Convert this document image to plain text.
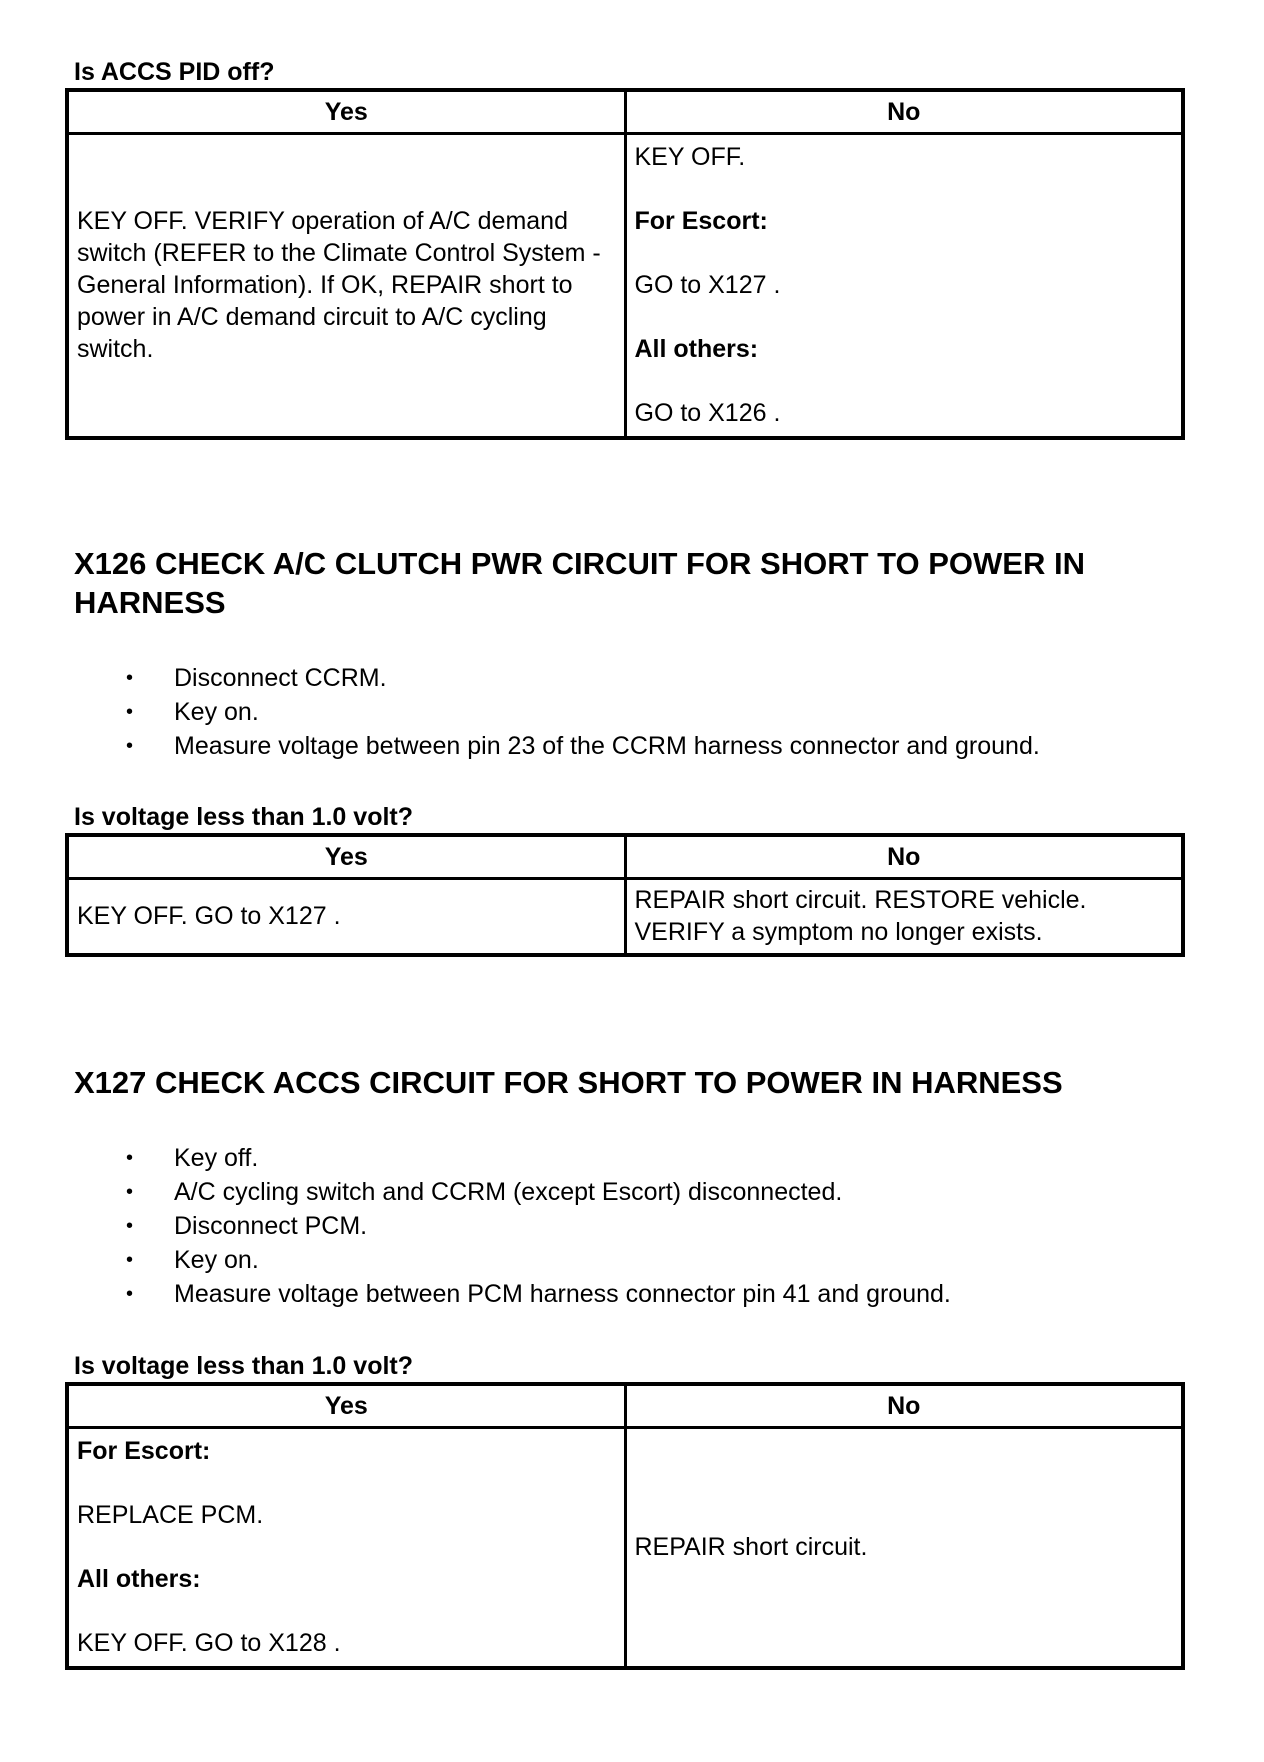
Is ACCS PID off?
Yes	No

KEY OFF. VERIFY operation of A/C demand switch (REFER to the Climate Control System - General Information). If OK, REPAIR short to power in A/C demand circuit to A/C cycling switch.	KEY OFF.

For Escort:

GO to X127 .

All others:

GO to X126 .

X126 CHECK A/C CLUTCH PWR CIRCUIT FOR SHORT TO POWER IN HARNESS
• Disconnect CCRM.
• Key on.
• Measure voltage between pin 23 of the CCRM harness connector and ground.
Is voltage less than 1.0 volt?
Yes	No
KEY OFF. GO to X127 .	REPAIR short circuit. RESTORE vehicle. VERIFY a symptom no longer exists.
X127 CHECK ACCS CIRCUIT FOR SHORT TO POWER IN HARNESS
• Key off.
• A/C cycling switch and CCRM (except Escort) disconnected.
• Disconnect PCM.
• Key on.
• Measure voltage between PCM harness connector pin 41 and ground.
Is voltage less than 1.0 volt?
Yes	No

For Escort:

REPLACE PCM.

All others:

KEY OFF. GO to X128 .	REPAIR short circuit.
